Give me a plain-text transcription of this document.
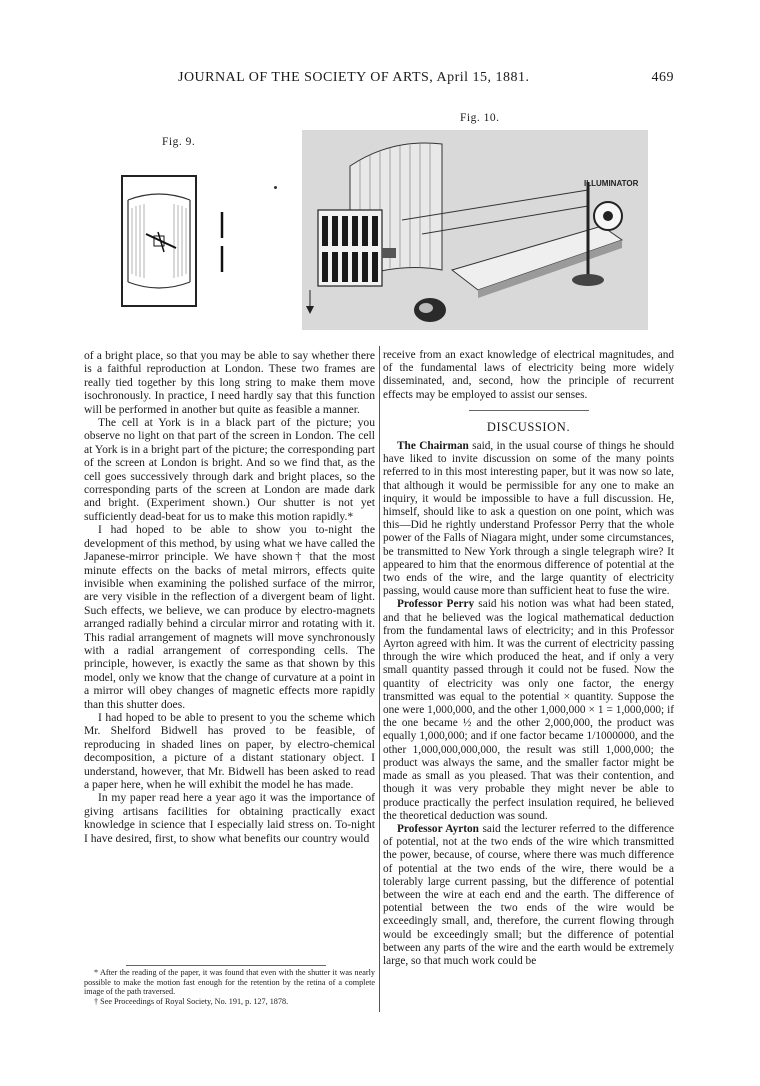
JOURNAL OF THE SOCIETY OF ARTS, April 15, 1881.	469
Fig. 9.
Fig. 10.
ILLUMINATOR

of a bright place, so that you may be able to say whether there is a faithful reproduction at London. These two frames are really tied together by this long string to make them move isochronously. In practice, I need hardly say that this function will be performed in another but quite as feasible a manner.

The cell at York is in a black part of the picture; you observe no light on that part of the screen in London. The cell at York is in a bright part of the picture; the corresponding part of the screen at London is bright. And so we find that, as the cell goes successively through dark and bright places, so the corresponding parts of the screen at London are made dark and bright. (Experiment shown.) Our shutter is not yet sufficiently dead-beat for us to make this motion rapidly.*

I had hoped to be able to show you to-night the development of this method, by using what we have called the Japanese-mirror principle. We have shown† that the most minute effects on the backs of metal mirrors, effects quite invisible when examining the polished surface of the mirror, are very visible in the reflection of a divergent beam of light. Such effects, we believe, we can produce by electro-magnets arranged radially behind a circular mirror and rotating with it. This radial arrangement of magnets will move synchronously with a radial arrangement of corresponding cells. The principle, however, is exactly the same as that shown by this model, only we know that the change of curvature at a point in a mirror will obey changes of magnetic effects more rapidly than this shutter does.

I had hoped to be able to present to you the scheme which Mr. Shelford Bidwell has proved to be feasible, of reproducing in shaded lines on paper, by electro-chemical decomposition, a picture of a distant stationary object. I understand, however, that Mr. Bidwell has been asked to read a paper here, when he will exhibit the model he has made.

In my paper read here a year ago it was the importance of giving artisans facilities for obtaining practically exact knowledge in science that I especially laid stress on. To-night I have desired, first, to show what benefits our country would

* After the reading of the paper, it was found that even with the shutter it was nearly possible to make the motion fast enough for the retention by the retina of a complete image of the path traversed.

† See Proceedings of Royal Society, No. 191, p. 127, 1878.

receive from an exact knowledge of electrical magnitudes, and of the fundamental laws of electricity being more widely disseminated, and, second, how the principle of recurrent effects may be employed to assist our senses.

DISCUSSION.

The Chairman said, in the usual course of things he should have liked to invite discussion on some of the many points referred to in this most interesting paper, but it was now so late, that although it would be permissible for any one to make an inquiry, it would be impossible to have a full discussion. He, himself, should like to ask a question on one point, which was this—Did he rightly understand Professor Perry that the whole power of the Falls of Niagara might, under some circumstances, be transmitted to New York through a single telegraph wire? It appeared to him that the enormous difference of potential at the two ends of the wire, and the large quantity of electricity passing, would cause more than sufficient heat to fuse the wire.

Professor Perry said his notion was what had been stated, and that he believed was the logical mathematical deduction from the fundamental laws of electricity; and in this Professor Ayrton agreed with him. It was the current of electricity passing through the wire which produced the heat, and if only a very small quantity passed through it could not be fused. Now the quantity of electricity was only one factor, the energy transmitted was equal to the potential × quantity. Suppose the one were 1,000,000, and the other 1,000,000 × 1 = 1,000,000; if the one became ½ and the other 2,000,000, the product was equally 1,000,000; and if one factor became 1/1000000, and the other 1,000,000,000,000, the result was still 1,000,000; the product was always the same, and the smaller factor might be made as small as you pleased. That was their contention, and though it was very probable they might never be able to produce practically the perfect insulation required, he believed the theoretical deduction was sound.

Professor Ayrton said the lecturer referred to the difference of potential, not at the two ends of the wire which transmitted the power, because, of course, where there was much difference of potential at the two ends of the wire, there would be a tolerably large current passing, but the difference of potential between the wire at each end and the earth. The difference of potential between the two ends of the wire would be exceedingly small, and, therefore, the current flowing through would be exceedingly small; but the difference of potential between any parts of the wire and the earth would be extremely large, so that much work could be
